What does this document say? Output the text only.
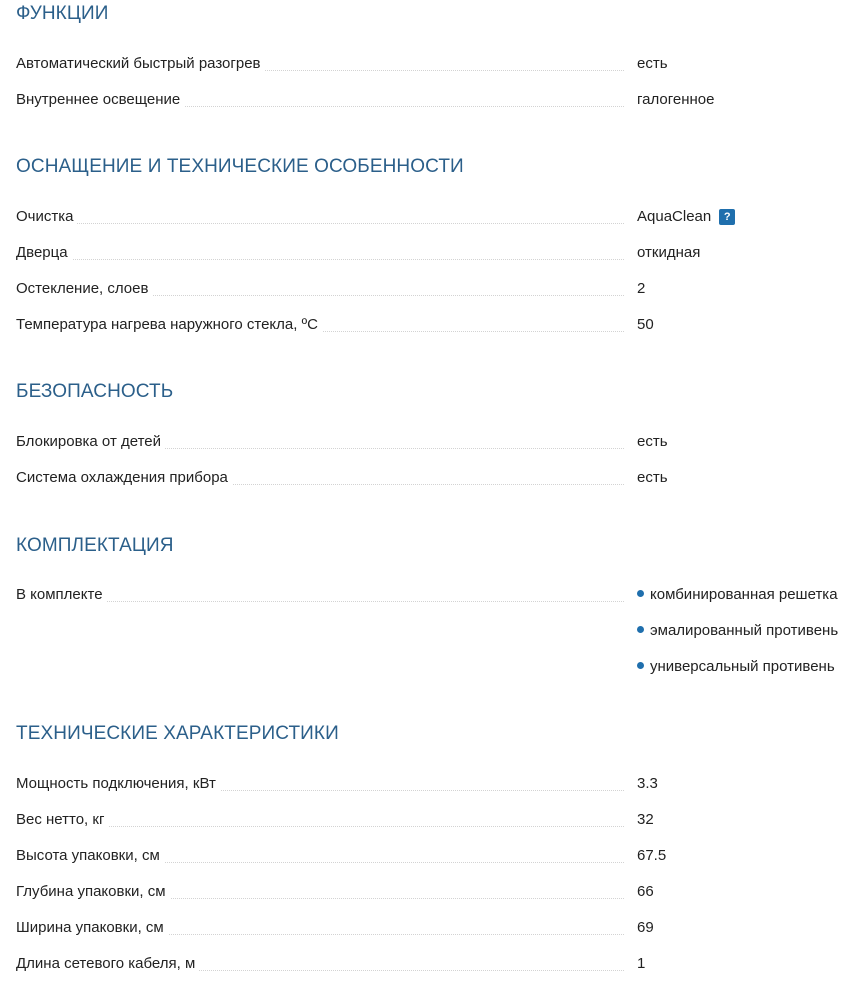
ФУНКЦИИ
Автоматический быстрый разогрев	есть
Внутреннее освещение	галогенное
ОСНАЩЕНИЕ И ТЕХНИЧЕСКИЕ ОСОБЕННОСТИ
Очистка	AquaClean ?
Дверца	откидная
Остекление, слоев	2
Температура нагрева наружного стекла, ºС	50
БЕЗОПАСНОСТЬ
Блокировка от детей	есть
Система охлаждения прибора	есть
КОМПЛЕКТАЦИЯ
В комплекте	комбинированная решетка
эмалированный противень
универсальный противень
ТЕХНИЧЕСКИЕ ХАРАКТЕРИСТИКИ
Мощность подключения, кВт	3.3
Вес нетто, кг	32
Высота упаковки, см	67.5
Глубина упаковки, см	66
Ширина упаковки, см	69
Длина сетевого кабеля, м	1
